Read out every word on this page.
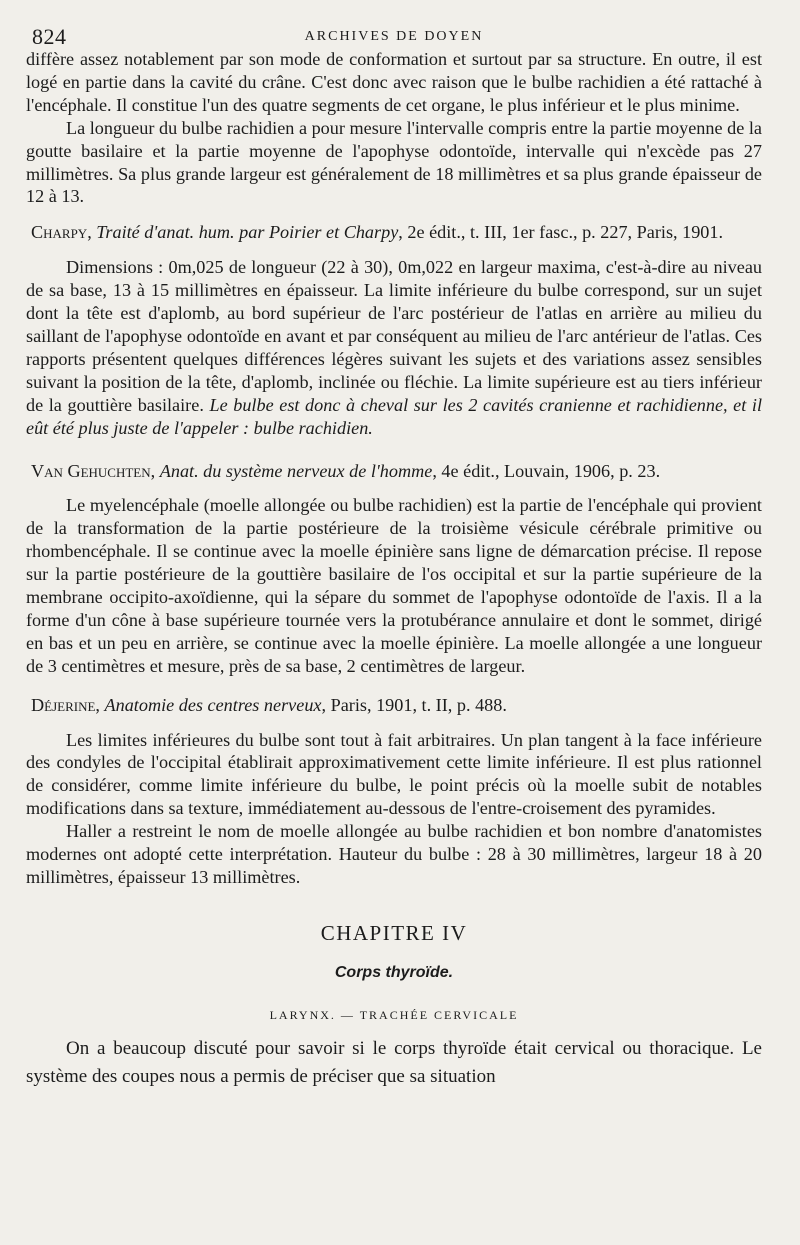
824	ARCHIVES DE DOYEN

diffère assez notablement par son mode de conformation et surtout par sa structure. En outre, il est logé en partie dans la cavité du crâne. C'est donc avec raison que le bulbe rachidien a été rattaché à l'encéphale. Il constitue l'un des quatre segments de cet organe, le plus inférieur et le plus minime.

La longueur du bulbe rachidien a pour mesure l'intervalle compris entre la partie moyenne de la goutte basilaire et la partie moyenne de l'apophyse odontoïde, intervalle qui n'excède pas 27 millimètres. Sa plus grande largeur est généralement de 18 millimètres et sa plus grande épaisseur de 12 à 13.

Charpy, Traité d'anat. hum. par Poirier et Charpy, 2e édit., t. III, 1er fasc., p. 227, Paris, 1901.

Dimensions : 0m,025 de longueur (22 à 30), 0m,022 en largeur maxima, c'est-à-dire au niveau de sa base, 13 à 15 millimètres en épaisseur. La limite inférieure du bulbe correspond, sur un sujet dont la tête est d'aplomb, au bord supérieur de l'arc postérieur de l'atlas en arrière au milieu du saillant de l'apophyse odontoïde en avant et par conséquent au milieu de l'arc antérieur de l'atlas. Ces rapports présentent quelques différences légères suivant les sujets et des variations assez sensibles suivant la position de la tête, d'aplomb, inclinée ou fléchie. La limite supérieure est au tiers inférieur de la gouttière basilaire. Le bulbe est donc à cheval sur les 2 cavités cranienne et rachidienne, et il eût été plus juste de l'appeler : bulbe rachidien.

Van Gehuchten, Anat. du système nerveux de l'homme, 4e édit., Louvain, 1906, p. 23.

Le myelencéphale (moelle allongée ou bulbe rachidien) est la partie de l'encéphale qui provient de la transformation de la partie postérieure de la troisième vésicule cérébrale primitive ou rhombencéphale. Il se continue avec la moelle épinière sans ligne de démarcation précise. Il repose sur la partie postérieure de la gouttière basilaire de l'os occipital et sur la partie supérieure de la membrane occipito-axoïdienne, qui la sépare du sommet de l'apophyse odontoïde de l'axis. Il a la forme d'un cône à base supérieure tournée vers la protubérance annulaire et dont le sommet, dirigé en bas et un peu en arrière, se continue avec la moelle épinière. La moelle allongée a une longueur de 3 centimètres et mesure, près de sa base, 2 centimètres de largeur.

Déjerine, Anatomie des centres nerveux, Paris, 1901, t. II, p. 488.

Les limites inférieures du bulbe sont tout à fait arbitraires. Un plan tangent à la face inférieure des condyles de l'occipital établirait approximativement cette limite inférieure. Il est plus rationnel de considérer, comme limite inférieure du bulbe, le point précis où la moelle subit de notables modifications dans sa texture, immédiatement au-dessous de l'entre-croisement des pyramides.

Haller a restreint le nom de moelle allongée au bulbe rachidien et bon nombre d'anatomistes modernes ont adopté cette interprétation. Hauteur du bulbe : 28 à 30 millimètres, largeur 18 à 20 millimètres, épaisseur 13 millimètres.

CHAPITRE IV
Corps thyroïde.
LARYNX. — TRACHÉE CERVICALE

On a beaucoup discuté pour savoir si le corps thyroïde était cervical ou thoracique. Le système des coupes nous a permis de préciser que sa situation
